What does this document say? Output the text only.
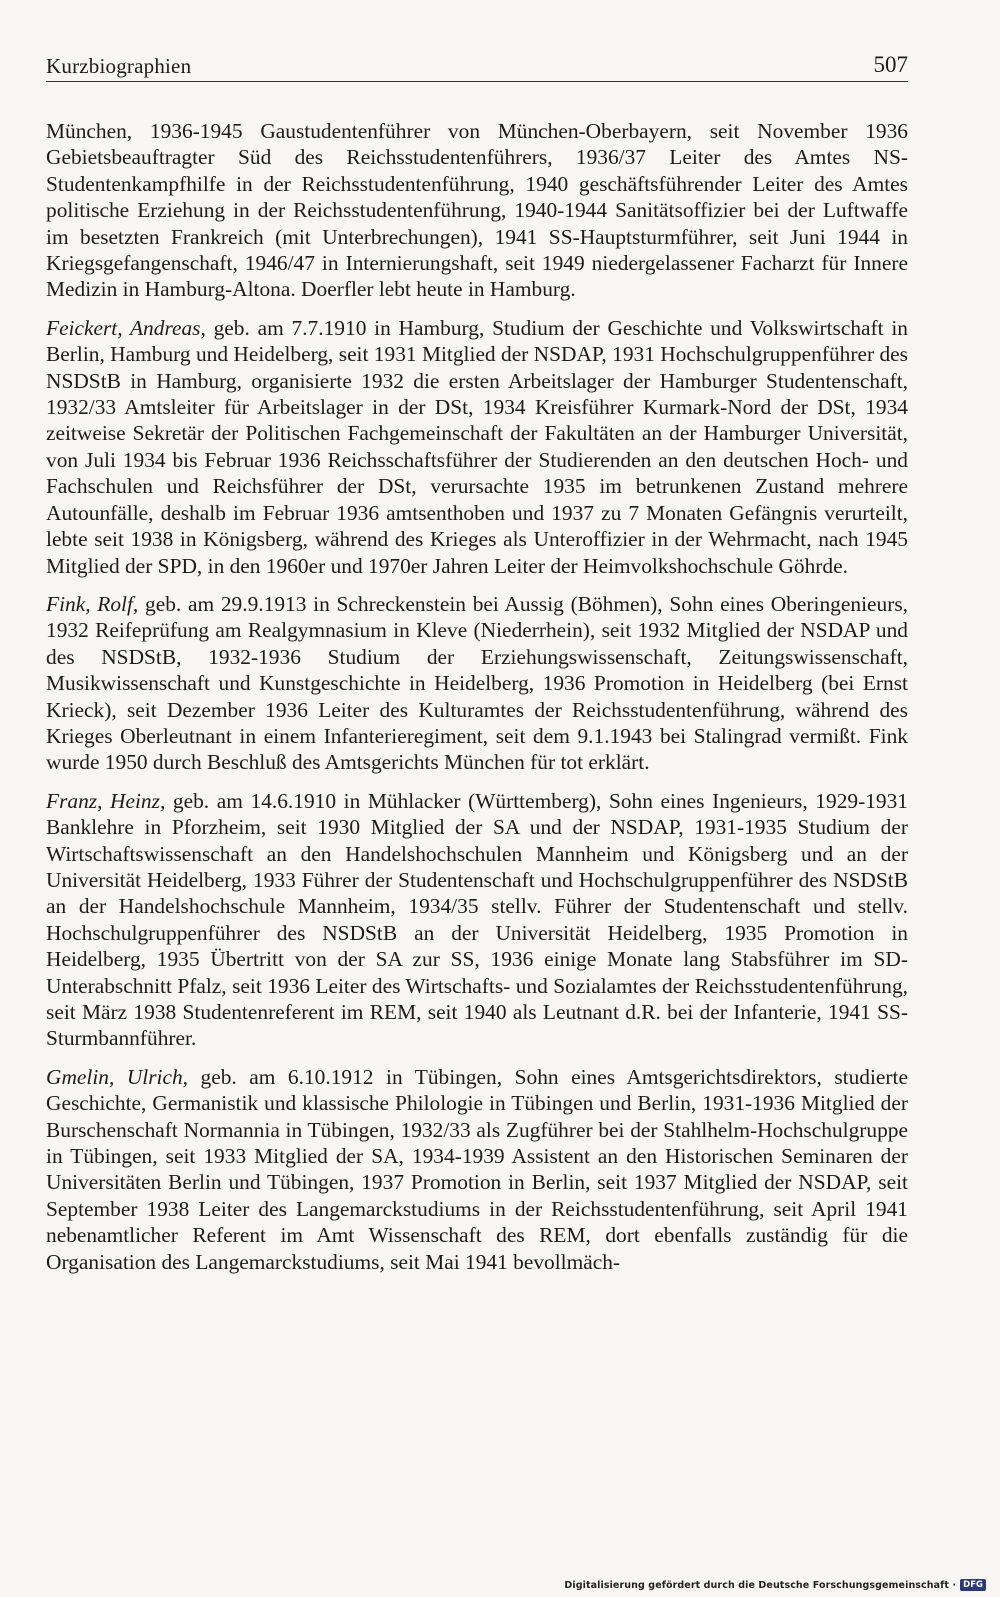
Kurzbiographien	507

München, 1936-1945 Gaustudentenführer von München-Oberbayern, seit November 1936 Gebietsbeauftragter Süd des Reichsstudentenführers, 1936/37 Leiter des Amtes NS-Studentenkampfhilfe in der Reichsstudentenführung, 1940 geschäftsführender Leiter des Amtes politische Erziehung in der Reichsstudentenführung, 1940-1944 Sanitätsoffizier bei der Luftwaffe im besetzten Frankreich (mit Unterbrechungen), 1941 SS-Hauptsturmführer, seit Juni 1944 in Kriegsgefangenschaft, 1946/47 in Internierungshaft, seit 1949 niedergelassener Facharzt für Innere Medizin in Hamburg-Altona. Doerfler lebt heute in Hamburg.

Feickert, Andreas, geb. am 7.7.1910 in Hamburg, Studium der Geschichte und Volkswirtschaft in Berlin, Hamburg und Heidelberg, seit 1931 Mitglied der NSDAP, 1931 Hochschulgruppenführer des NSDStB in Hamburg, organisierte 1932 die ersten Arbeitslager der Hamburger Studentenschaft, 1932/33 Amtsleiter für Arbeitslager in der DSt, 1934 Kreisführer Kurmark-Nord der DSt, 1934 zeitweise Sekretär der Politischen Fachgemeinschaft der Fakultäten an der Hamburger Universität, von Juli 1934 bis Februar 1936 Reichsschaftsführer der Studierenden an den deutschen Hoch- und Fachschulen und Reichsführer der DSt, verursachte 1935 im betrunkenen Zustand mehrere Autounfälle, deshalb im Februar 1936 amtsenthoben und 1937 zu 7 Monaten Gefängnis verurteilt, lebte seit 1938 in Königsberg, während des Krieges als Unteroffizier in der Wehrmacht, nach 1945 Mitglied der SPD, in den 1960er und 1970er Jahren Leiter der Heimvolkshochschule Göhrde.

Fink, Rolf, geb. am 29.9.1913 in Schreckenstein bei Aussig (Böhmen), Sohn eines Oberingenieurs, 1932 Reifeprüfung am Realgymnasium in Kleve (Niederrhein), seit 1932 Mitglied der NSDAP und des NSDStB, 1932-1936 Studium der Erziehungswissenschaft, Zeitungswissenschaft, Musikwissenschaft und Kunstgeschichte in Heidelberg, 1936 Promotion in Heidelberg (bei Ernst Krieck), seit Dezember 1936 Leiter des Kulturamtes der Reichsstudentenführung, während des Krieges Oberleutnant in einem Infanterieregiment, seit dem 9.1.1943 bei Stalingrad vermißt. Fink wurde 1950 durch Beschluß des Amtsgerichts München für tot erklärt.

Franz, Heinz, geb. am 14.6.1910 in Mühlacker (Württemberg), Sohn eines Ingenieurs, 1929-1931 Banklehre in Pforzheim, seit 1930 Mitglied der SA und der NSDAP, 1931-1935 Studium der Wirtschaftswissenschaft an den Handelshochschulen Mannheim und Königsberg und an der Universität Heidelberg, 1933 Führer der Studentenschaft und Hochschulgruppenführer des NSDStB an der Handelshochschule Mannheim, 1934/35 stellv. Führer der Studentenschaft und stellv. Hochschulgruppenführer des NSDStB an der Universität Heidelberg, 1935 Promotion in Heidelberg, 1935 Übertritt von der SA zur SS, 1936 einige Monate lang Stabsführer im SD-Unterabschnitt Pfalz, seit 1936 Leiter des Wirtschafts- und Sozialamtes der Reichsstudentenführung, seit März 1938 Studentenreferent im REM, seit 1940 als Leutnant d.R. bei der Infanterie, 1941 SS-Sturmbannführer.

Gmelin, Ulrich, geb. am 6.10.1912 in Tübingen, Sohn eines Amtsgerichtsdirektors, studierte Geschichte, Germanistik und klassische Philologie in Tübingen und Berlin, 1931-1936 Mitglied der Burschenschaft Normannia in Tübingen, 1932/33 als Zugführer bei der Stahlhelm-Hochschulgruppe in Tübingen, seit 1933 Mitglied der SA, 1934-1939 Assistent an den Historischen Seminaren der Universitäten Berlin und Tübingen, 1937 Promotion in Berlin, seit 1937 Mitglied der NSDAP, seit September 1938 Leiter des Langemarckstudiums in der Reichsstudentenführung, seit April 1941 nebenamtlicher Referent im Amt Wissenschaft des REM, dort ebenfalls zuständig für die Organisation des Langemarckstudiums, seit Mai 1941 bevollmäch-

Digitalisierung gefördert durch die Deutsche Forschungsgemeinschaft · DFG
